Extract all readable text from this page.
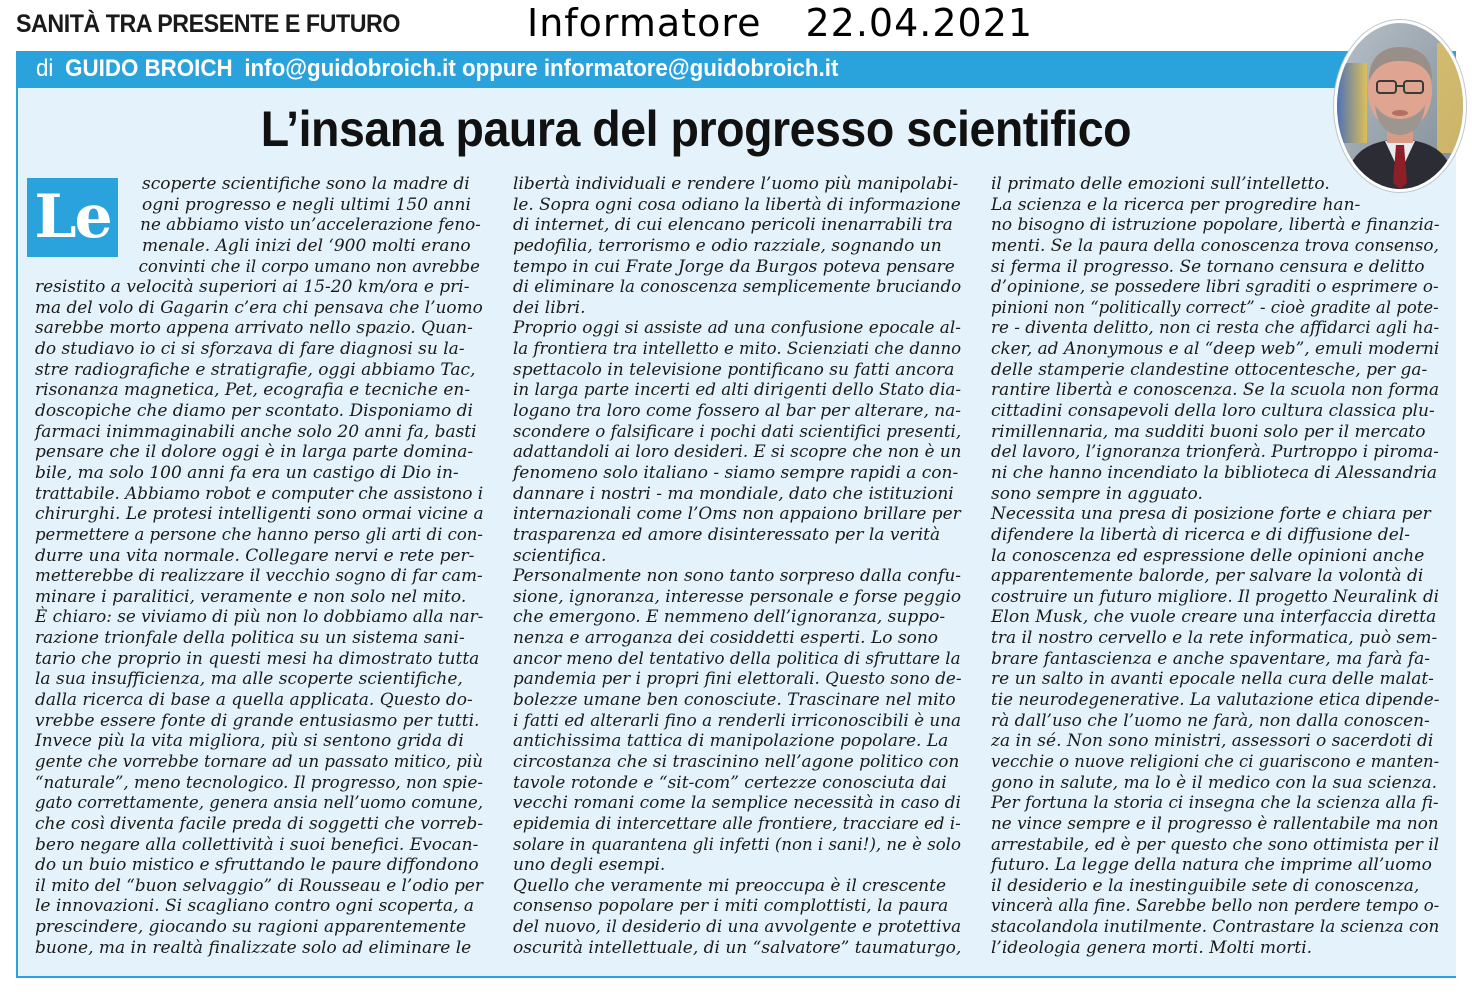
SANITÀ TRA PRESENTE E FUTURO	Informatore 22.04.2021
di GUIDO BROICH info@guidobroich.it oppure informatore@guidobroich.it
L’insana paura del progresso scientifico
Le	scoperte scientifiche sono la madre di
ogni progresso e negli ultimi 150 anni
ne abbiamo visto un’accelerazione feno-
menale. Agli inizi del ‘900 molti erano
convinti che il corpo umano non avrebbe
resistito a velocità superiori ai 15-20 km/ora e pri-
ma del volo di Gagarin c’era chi pensava che l’uomo
sarebbe morto appena arrivato nello spazio. Quan-
do studiavo io ci si sforzava di fare diagnosi su la-
stre radiografiche e stratigrafie, oggi abbiamo Tac,
risonanza magnetica, Pet, ecografia e tecniche en-
doscopiche che diamo per scontato. Disponiamo di
farmaci inimmaginabili anche solo 20 anni fa, basti
pensare che il dolore oggi è in larga parte domina-
bile, ma solo 100 anni fa era un castigo di Dio in-
trattabile. Abbiamo robot e computer che assistono i
chirurghi. Le protesi intelligenti sono ormai vicine a
permettere a persone che hanno perso gli arti di con-
durre una vita normale. Collegare nervi e rete per-
metterebbe di realizzare il vecchio sogno di far cam-
minare i paralitici, veramente e non solo nel mito.
È chiaro: se viviamo di più non lo dobbiamo alla nar-
razione trionfale della politica su un sistema sani-
tario che proprio in questi mesi ha dimostrato tutta
la sua insufficienza, ma alle scoperte scientifiche,
dalla ricerca di base a quella applicata. Questo do-
vrebbe essere fonte di grande entusiasmo per tutti.
Invece più la vita migliora, più si sentono grida di
gente che vorrebbe tornare ad un passato mitico, più
“naturale”, meno tecnologico. Il progresso, non spie-
gato correttamente, genera ansia nell’uomo comune,
che così diventa facile preda di soggetti che vorreb-
bero negare alla collettività i suoi benefici. Evocan-
do un buio mistico e sfruttando le paure diffondono
il mito del “buon selvaggio” di Rousseau e l’odio per
le innovazioni. Si scagliano contro ogni scoperta, a
prescindere, giocando su ragioni apparentemente
buone, ma in realtà finalizzate solo ad eliminare le
libertà individuali e rendere l’uomo più manipolabi-
le. Sopra ogni cosa odiano la libertà di informazione
di internet, di cui elencano pericoli inenarrabili tra
pedofilia, terrorismo e odio razziale, sognando un
tempo in cui Frate Jorge da Burgos poteva pensare
di eliminare la conoscenza semplicemente bruciando
dei libri.
Proprio oggi si assiste ad una confusione epocale al-
la frontiera tra intelletto e mito. Scienziati che danno
spettacolo in televisione pontificano su fatti ancora
in larga parte incerti ed alti dirigenti dello Stato dia-
logano tra loro come fossero al bar per alterare, na-
scondere o falsificare i pochi dati scientifici presenti,
adattandoli ai loro desideri. E si scopre che non è un
fenomeno solo italiano - siamo sempre rapidi a con-
dannare i nostri - ma mondiale, dato che istituzioni
internazionali come l’Oms non appaiono brillare per
trasparenza ed amore disinteressato per la verità
scientifica.
Personalmente non sono tanto sorpreso dalla confu-
sione, ignoranza, interesse personale e forse peggio
che emergono. E nemmeno dell’ignoranza, suppo-
nenza e arroganza dei cosiddetti esperti. Lo sono
ancor meno del tentativo della politica di sfruttare la
pandemia per i propri fini elettorali. Questo sono de-
bolezze umane ben conosciute. Trascinare nel mito
i fatti ed alterarli fino a renderli irriconoscibili è una
antichissima tattica di manipolazione popolare. La
circostanza che si trascinino nell’agone politico con
tavole rotonde e “sit-com” certezze conosciuta dai
vecchi romani come la semplice necessità in caso di
epidemia di intercettare alle frontiere, tracciare ed i-
solare in quarantena gli infetti (non i sani!), ne è solo
uno degli esempi.
Quello che veramente mi preoccupa è il crescente
consenso popolare per i miti complottisti, la paura
del nuovo, il desiderio di una avvolgente e protettiva
oscurità intellettuale, di un “salvatore” taumaturgo,
il primato delle emozioni sull’intelletto.
La scienza e la ricerca per progredire han-
no bisogno di istruzione popolare, libertà e finanzia-
menti. Se la paura della conoscenza trova consenso,
si ferma il progresso. Se tornano censura e delitto
d’opinione, se possedere libri sgraditi o esprimere o-
pinioni non “politically correct” - cioè gradite al pote-
re - diventa delitto, non ci resta che affidarci agli ha-
cker, ad Anonymous e al “deep web”, emuli moderni
delle stamperie clandestine ottocentesche, per ga-
rantire libertà e conoscenza. Se la scuola non forma
cittadini consapevoli della loro cultura classica plu-
rimillennaria, ma sudditi buoni solo per il mercato
del lavoro, l’ignoranza trionferà. Purtroppo i piroma-
ni che hanno incendiato la biblioteca di Alessandria
sono sempre in agguato.
Necessita una presa di posizione forte e chiara per
difendere la libertà di ricerca e di diffusione del-
la conoscenza ed espressione delle opinioni anche
apparentemente balorde, per salvare la volontà di
costruire un futuro migliore. Il progetto Neuralink di
Elon Musk, che vuole creare una interfaccia diretta
tra il nostro cervello e la rete informatica, può sem-
brare fantascienza e anche spaventare, ma farà fa-
re un salto in avanti epocale nella cura delle malat-
tie neurodegenerative. La valutazione etica dipende-
rà dall’uso che l’uomo ne farà, non dalla conoscen-
za in sé. Non sono ministri, assessori o sacerdoti di
vecchie o nuove religioni che ci guariscono e manten-
gono in salute, ma lo è il medico con la sua scienza.
Per fortuna la storia ci insegna che la scienza alla fi-
ne vince sempre e il progresso è rallentabile ma non
arrestabile, ed è per questo che sono ottimista per il
futuro. La legge della natura che imprime all’uomo
il desiderio e la inestinguibile sete di conoscenza,
vincerà alla fine. Sarebbe bello non perdere tempo o-
stacolandola inutilmente. Contrastare la scienza con
l’ideologia genera morti. Molti morti.
